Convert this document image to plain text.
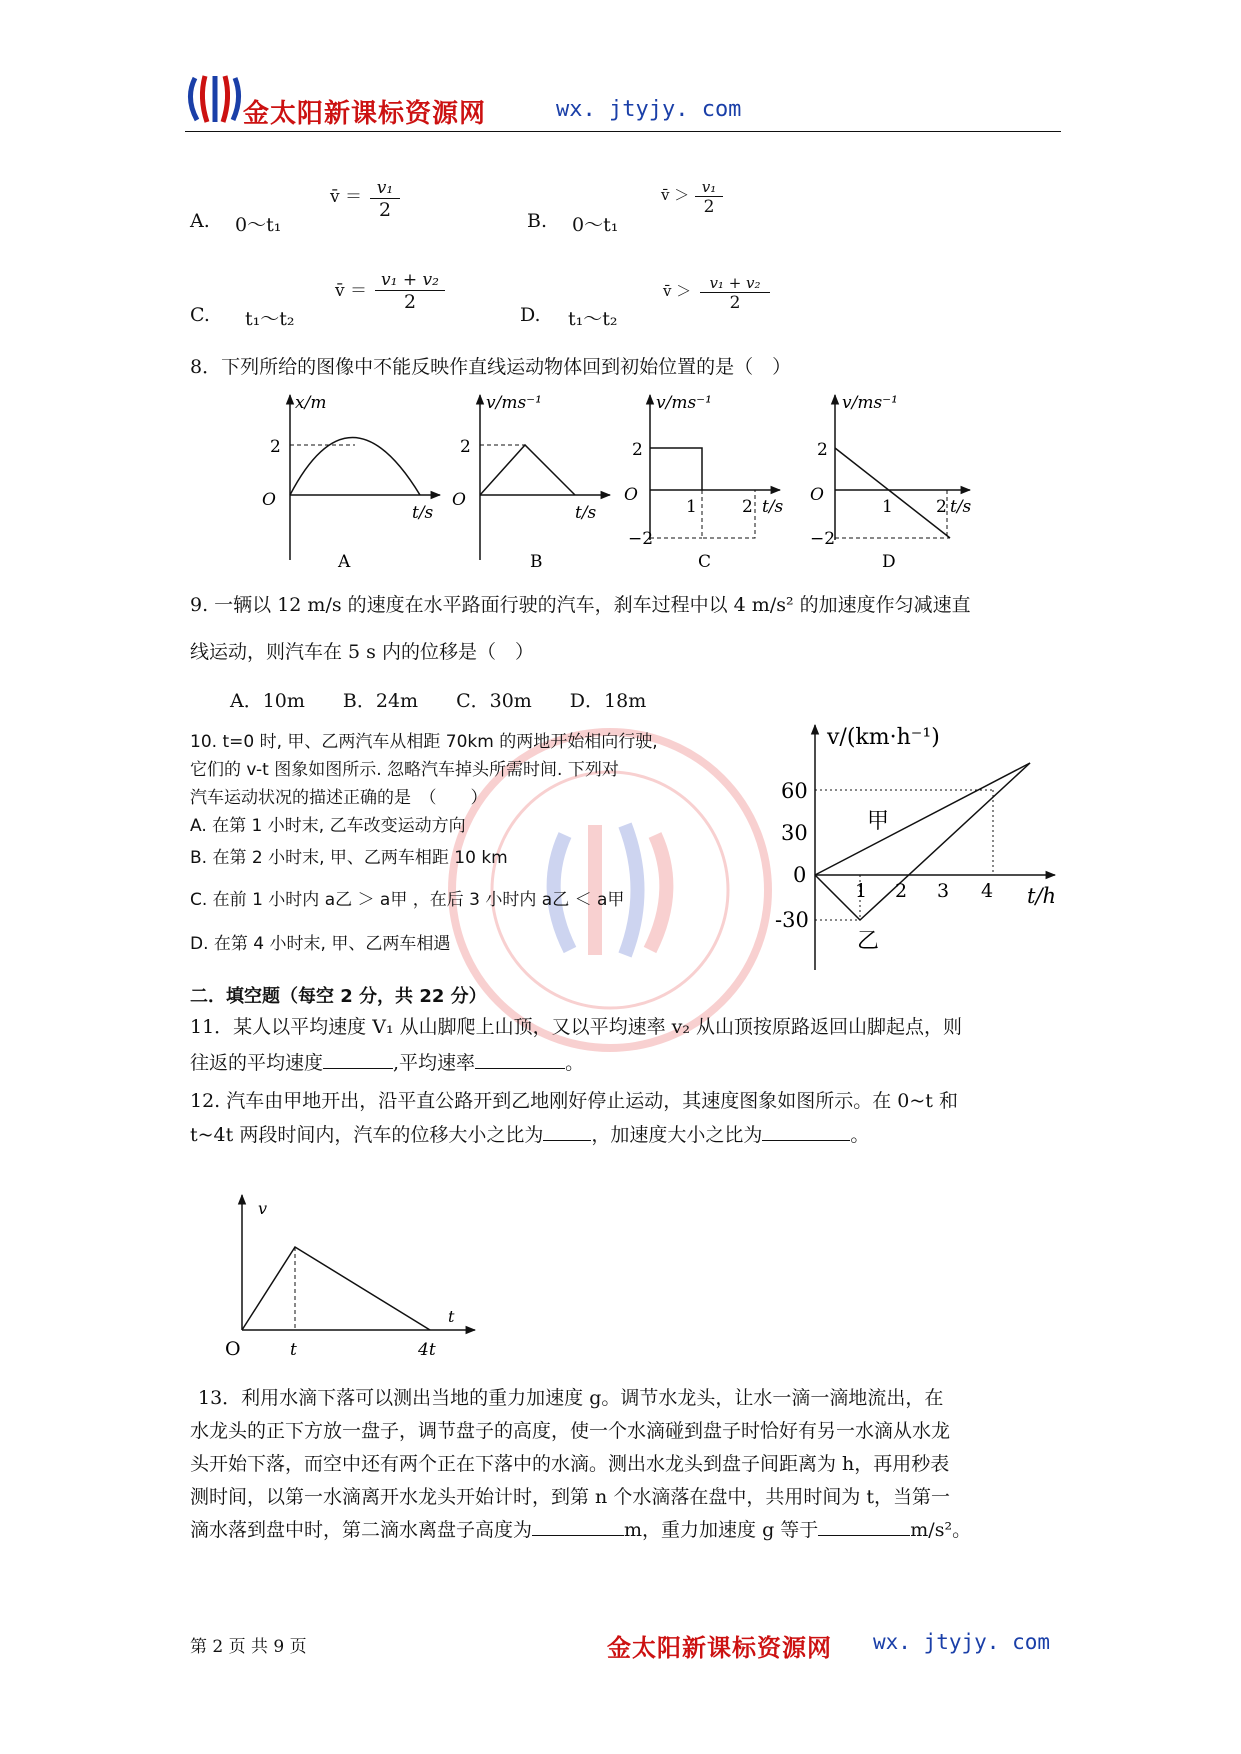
金太阳新课标资源网	wx. jtyjy. com
A. 0～t₁
v̄ ＝ $\frac{\text{v₁}}{2}$	B. 0～t₁
v̄ ＞ $\frac{\text{v₁}}{2}$
C. t₁～t₂
v̄ ＝ $\frac{\text{v₁ + v₂}}{2}$
D. t₁～t₂
v̄ ＞ $\frac{\text{v₁ + v₂}}{2}$
8．下列所给的图像中不能反映作直线运动物体回到初始位置的是（　）
x/m
2
O
t/s
A
v/ms⁻¹
2
O
t/s
B
v/ms⁻¹
2
−2
O
1	2 t/s
C
v/ms⁻¹
2
−2
O
1	2 t/s
D
9. 一辆以 12 m/s 的速度在水平路面行驶的汽车，刹车过程中以 4 m/s² 的加速度作匀减速直
线运动，则汽车在 5 s 内的位移是（　）
A．10m　　B．24m　　C．30m　　D．18m
10. t=0 时, 甲、乙两汽车从相距 70km 的两地开始相向行驶,
它们的 v-t 图象如图所示. 忽略汽车掉头所需时间. 下列对
汽车运动状况的描述正确的是　（　　）
A. 在第 1 小时末, 乙车改变运动方向
B. 在第 2 小时末, 甲、乙两车相距 10 km
C. 在前 1 小时内 a乙 ＞ a甲 ，在后 3 小时内 a乙 ＜ a甲
D. 在第 4 小时末, 甲、乙两车相遇
v/(km·h⁻¹)
60
30
0
-30
1 2 3 4 t/h
甲
乙
二．填空题（每空 2 分，共 22 分）
11．某人以平均速度 V₁ 从山脚爬上山顶，又以平均速率 v₂ 从山顶按原路返回山脚起点，则
往返的平均速度	,平均速率	。
12. 汽车由甲地开出，沿平直公路开到乙地刚好停止运动，其速度图象如图所示。在 0~t 和
t~4t 两段时间内，汽车的位移大小之比为	，加速度大小之比为	。
v
t
O	t	4t
13．利用水滴下落可以测出当地的重力加速度 g。调节水龙头，让水一滴一滴地流出，在
水龙头的正下方放一盘子，调节盘子的高度，使一个水滴碰到盘子时恰好有另一水滴从水龙
头开始下落，而空中还有两个正在下落中的水滴。测出水龙头到盘子间距离为 h，再用秒表
测时间，以第一水滴离开水龙头开始计时，到第 n 个水滴落在盘中，共用时间为 t，当第一
滴水落到盘中时，第二滴水离盘子高度为	m，重力加速度 g 等于	m/s²。
第 2 页 共 9 页	金太阳新课标资源网 wx. jtyjy. com
